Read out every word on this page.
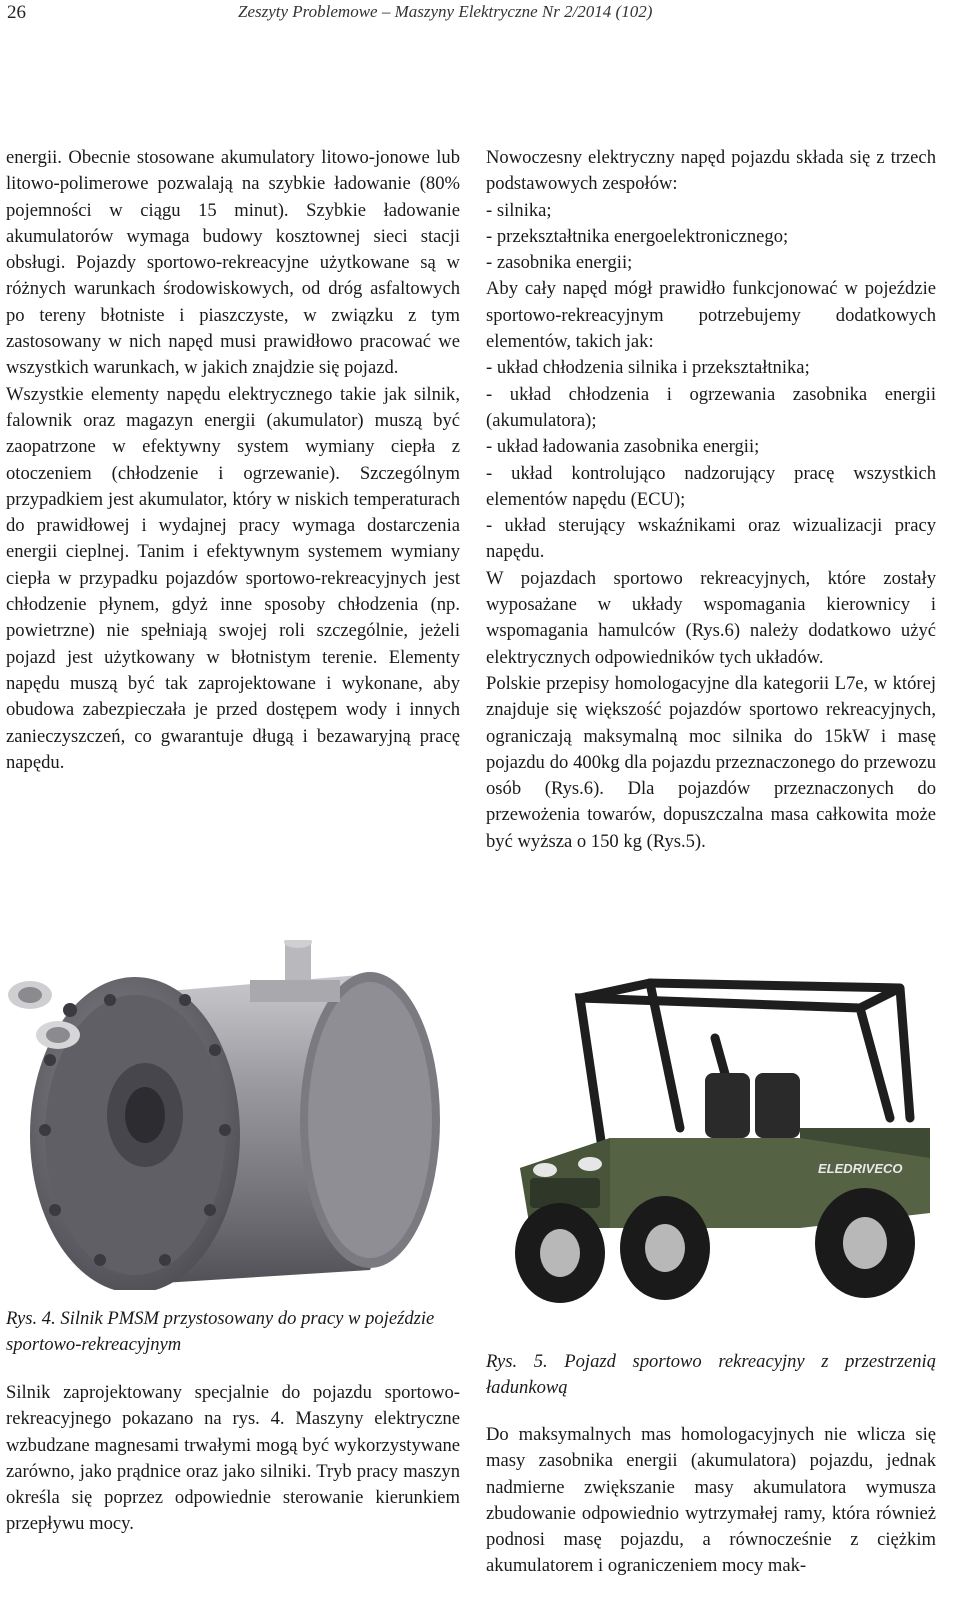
26	Zeszyty Problemowe – Maszyny Elektryczne Nr 2/2014 (102)

energii. Obecnie stosowane akumulatory litowo-jonowe lub litowo-polimerowe pozwalają na szybkie ładowanie (80% pojemności w ciągu 15 minut). Szybkie ładowanie akumulatorów wymaga budowy kosztownej sieci stacji obsługi. Pojazdy sportowo-rekreacyjne użytkowane są w różnych warunkach środowiskowych, od dróg asfaltowych po tereny błotniste i piaszczyste, w związku z tym zastosowany w nich napęd musi prawidłowo pracować we wszystkich warunkach, w jakich znajdzie się pojazd.

Wszystkie elementy napędu elektrycznego takie jak silnik, falownik oraz magazyn energii (akumulator) muszą być zaopatrzone w efektywny system wymiany ciepła z otoczeniem (chłodzenie i ogrzewanie). Szczególnym przypadkiem jest akumulator, który w niskich temperaturach do prawidłowej i wydajnej pracy wymaga dostarczenia energii cieplnej. Tanim i efektywnym systemem wymiany ciepła w przypadku pojazdów sportowo-rekreacyjnych jest chłodzenie płynem, gdyż inne sposoby chłodzenia (np. powietrzne) nie spełniają swojej roli szczególnie, jeżeli pojazd jest użytkowany w błotnistym terenie. Elementy napędu muszą być tak zaprojektowane i wykonane, aby obudowa zabezpieczała je przed dostępem wody i innych zanieczyszczeń, co gwarantuje długą i bezawaryjną pracę napędu.

Nowoczesny elektryczny napęd pojazdu składa się z trzech podstawowych zespołów:

- silnika;

- przekształtnika energoelektronicznego;

- zasobnika energii;

Aby cały napęd mógł prawidło funkcjonować w pojeździe sportowo-rekreacyjnym potrzebujemy dodatkowych elementów, takich jak:

- układ chłodzenia silnika i przekształtnika;

- układ chłodzenia i ogrzewania zasobnika energii (akumulatora);

- układ ładowania zasobnika energii;

- układ kontrolująco nadzorujący pracę wszystkich elementów napędu (ECU);

- układ sterujący wskaźnikami oraz wizualizacji pracy napędu.

W pojazdach sportowo rekreacyjnych, które zostały wyposażane w układy wspomagania kierownicy i wspomagania hamulców (Rys.6) należy dodatkowo użyć elektrycznych odpowiedników tych układów.

Polskie przepisy homologacyjne dla kategorii L7e, w której znajduje się większość pojazdów sportowo rekreacyjnych, ograniczają maksymalną moc silnika do 15kW i masę pojazdu do 400kg dla pojazdu przeznaczonego do przewozu osób (Rys.6). Dla pojazdów przeznaczonych do przewożenia towarów, dopuszczalna masa całkowita może być wyższa o 150 kg (Rys.5).

ELEDRIVECO
Rys. 4. Silnik PMSM przystosowany do pracy w pojeździe sportowo-rekreacyjnym

Silnik zaprojektowany specjalnie do pojazdu sportowo-rekreacyjnego pokazano na rys. 4. Maszyny elektryczne wzbudzane magnesami trwałymi mogą być wykorzystywane zarówno, jako prądnice oraz jako silniki. Tryb pracy maszyn określa się poprzez odpowiednie sterowanie kierunkiem przepływu mocy.

Rys. 5. Pojazd sportowo rekreacyjny z przestrzenią ładunkową

Do maksymalnych mas homologacyjnych nie wlicza się masy zasobnika energii (akumulatora) pojazdu, jednak nadmierne zwiększanie masy akumulatora wymusza zbudowanie odpowiednio wytrzymałej ramy, która również podnosi masę pojazdu, a równocześnie z ciężkim akumulatorem i ograniczeniem mocy mak-
